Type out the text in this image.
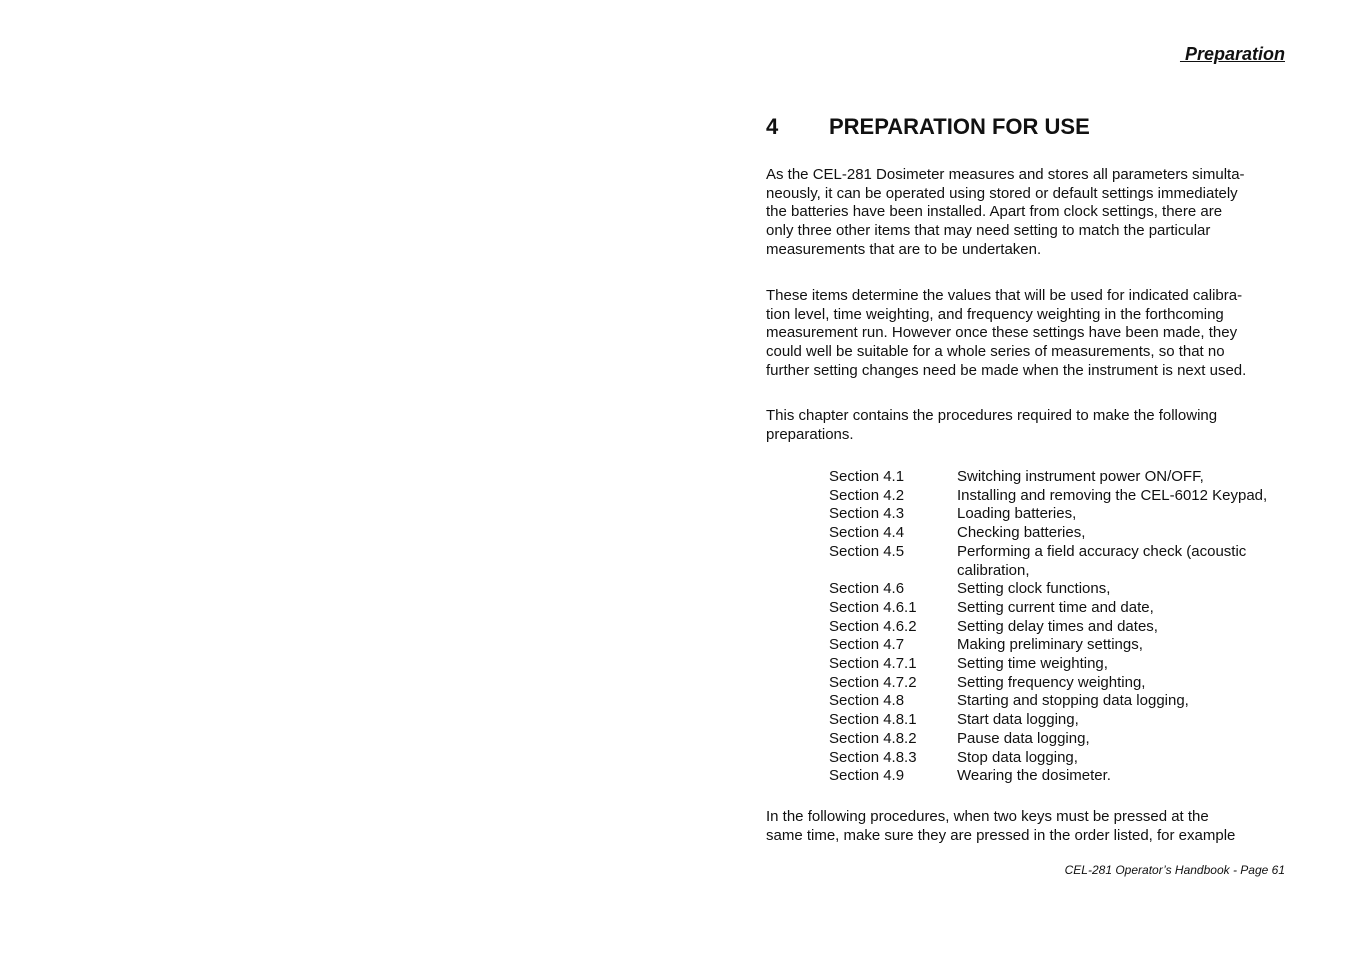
Preparation
4	PREPARATION FOR USE

As the CEL-281 Dosimeter measures and stores all parameters simulta-

neously, it can be operated using stored or default settings immediately

the batteries have been installed. Apart from clock settings, there are

only three other items that may need setting to match the particular

measurements that are to be undertaken.

These items determine the values that will be used for indicated calibra-

tion level, time weighting, and frequency weighting in the forthcoming

measurement run. However once these settings have been made, they

could well be suitable for a whole series of measurements, so that no

further setting changes need be made when the instrument is next used.

This chapter contains the procedures required to make the following

preparations.

Section 4.1	Switching instrument power ON/OFF,
Section 4.2	Installing and removing the CEL-6012 Keypad,
Section 4.3	Loading batteries,
Section 4.4	Checking batteries,
Section 4.5	Performing a field accuracy check (acoustic
calibration,
Section 4.6	Setting clock functions,
Section 4.6.1	Setting current time and date,
Section 4.6.2	Setting delay times and dates,
Section 4.7	Making preliminary settings,
Section 4.7.1	Setting time weighting,
Section 4.7.2	Setting frequency weighting,
Section 4.8	Starting and stopping data logging,
Section 4.8.1	Start data logging,
Section 4.8.2	Pause data logging,
Section 4.8.3	Stop data logging,
Section 4.9	Wearing the dosimeter.

In the following procedures, when two keys must be pressed at the

same time, make sure they are pressed in the order listed, for example

CEL-281 Operator’s Handbook - Page 61
